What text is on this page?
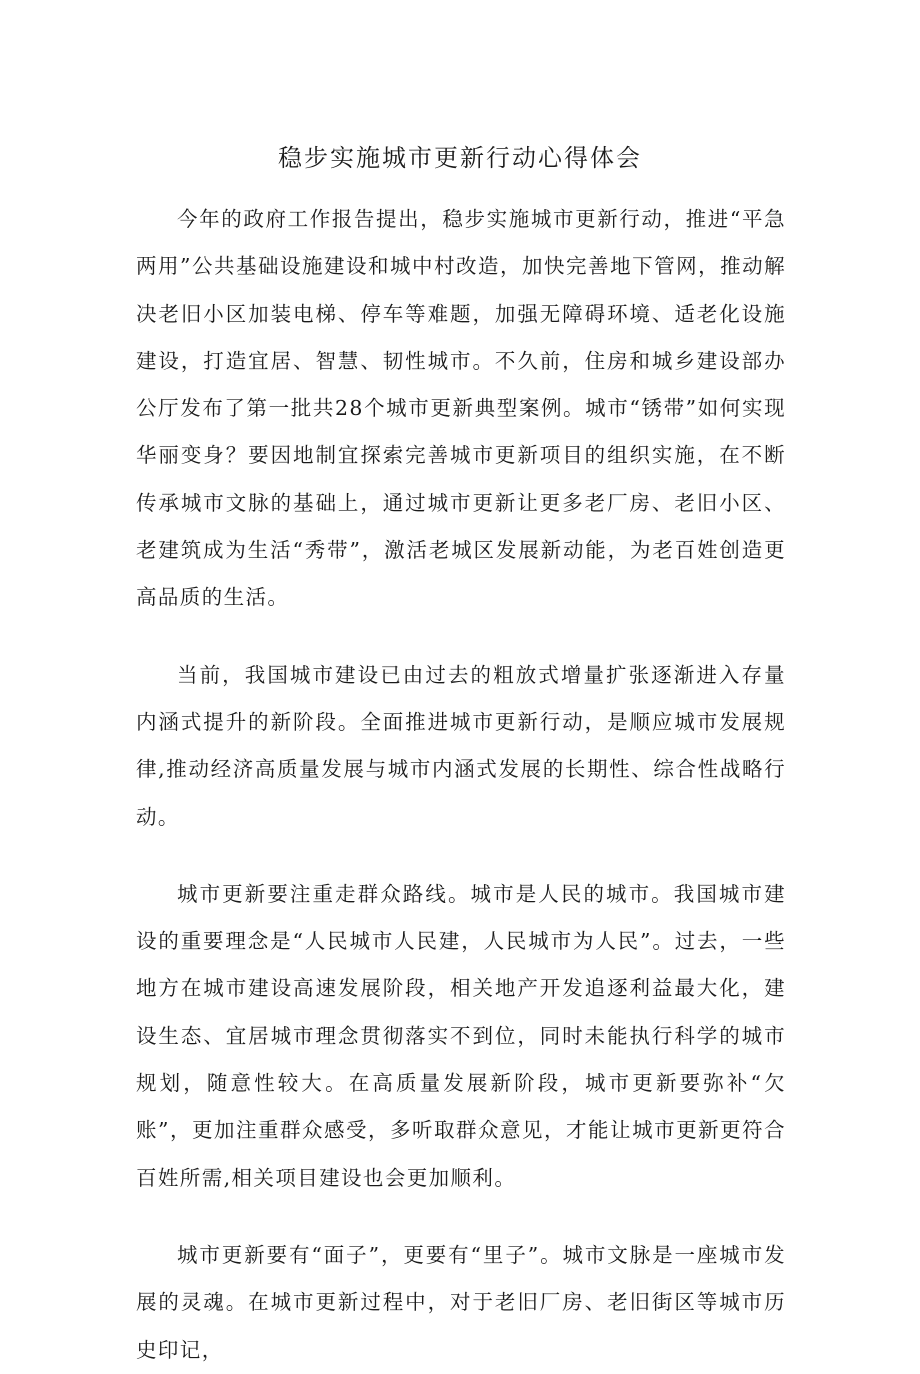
稳步实施城市更新行动心得体会

今年的政府工作报告提出，稳步实施城市更新行动，推进“平急两用”公共基础设施建设和城中村改造，加快完善地下管网，推动解决老旧小区加装电梯、停车等难题，加强无障碍环境、适老化设施建设，打造宜居、智慧、韧性城市。不久前，住房和城乡建设部办公厅发布了第一批共28个城市更新典型案例。城市“锈带”如何实现华丽变身？要因地制宜探索完善城市更新项目的组织实施，在不断传承城市文脉的基础上，通过城市更新让更多老厂房、老旧小区、老建筑成为生活“秀带”，激活老城区发展新动能，为老百姓创造更高品质的生活。

当前，我国城市建设已由过去的粗放式增量扩张逐渐进入存量内涵式提升的新阶段。全面推进城市更新行动，是顺应城市发展规律,推动经济高质量发展与城市内涵式发展的长期性、综合性战略行动。

城市更新要注重走群众路线。城市是人民的城市。我国城市建设的重要理念是“人民城市人民建，人民城市为人民”。过去，一些地方在城市建设高速发展阶段，相关地产开发追逐利益最大化，建设生态、宜居城市理念贯彻落实不到位，同时未能执行科学的城市规划，随意性较大。在高质量发展新阶段，城市更新要弥补“欠账”，更加注重群众感受，多听取群众意见，才能让城市更新更符合百姓所需,相关项目建设也会更加顺利。

城市更新要有“面子”，更要有“里子”。城市文脉是一座城市发展的灵魂。在城市更新过程中，对于老旧厂房、老旧街区等城市历史印记，
